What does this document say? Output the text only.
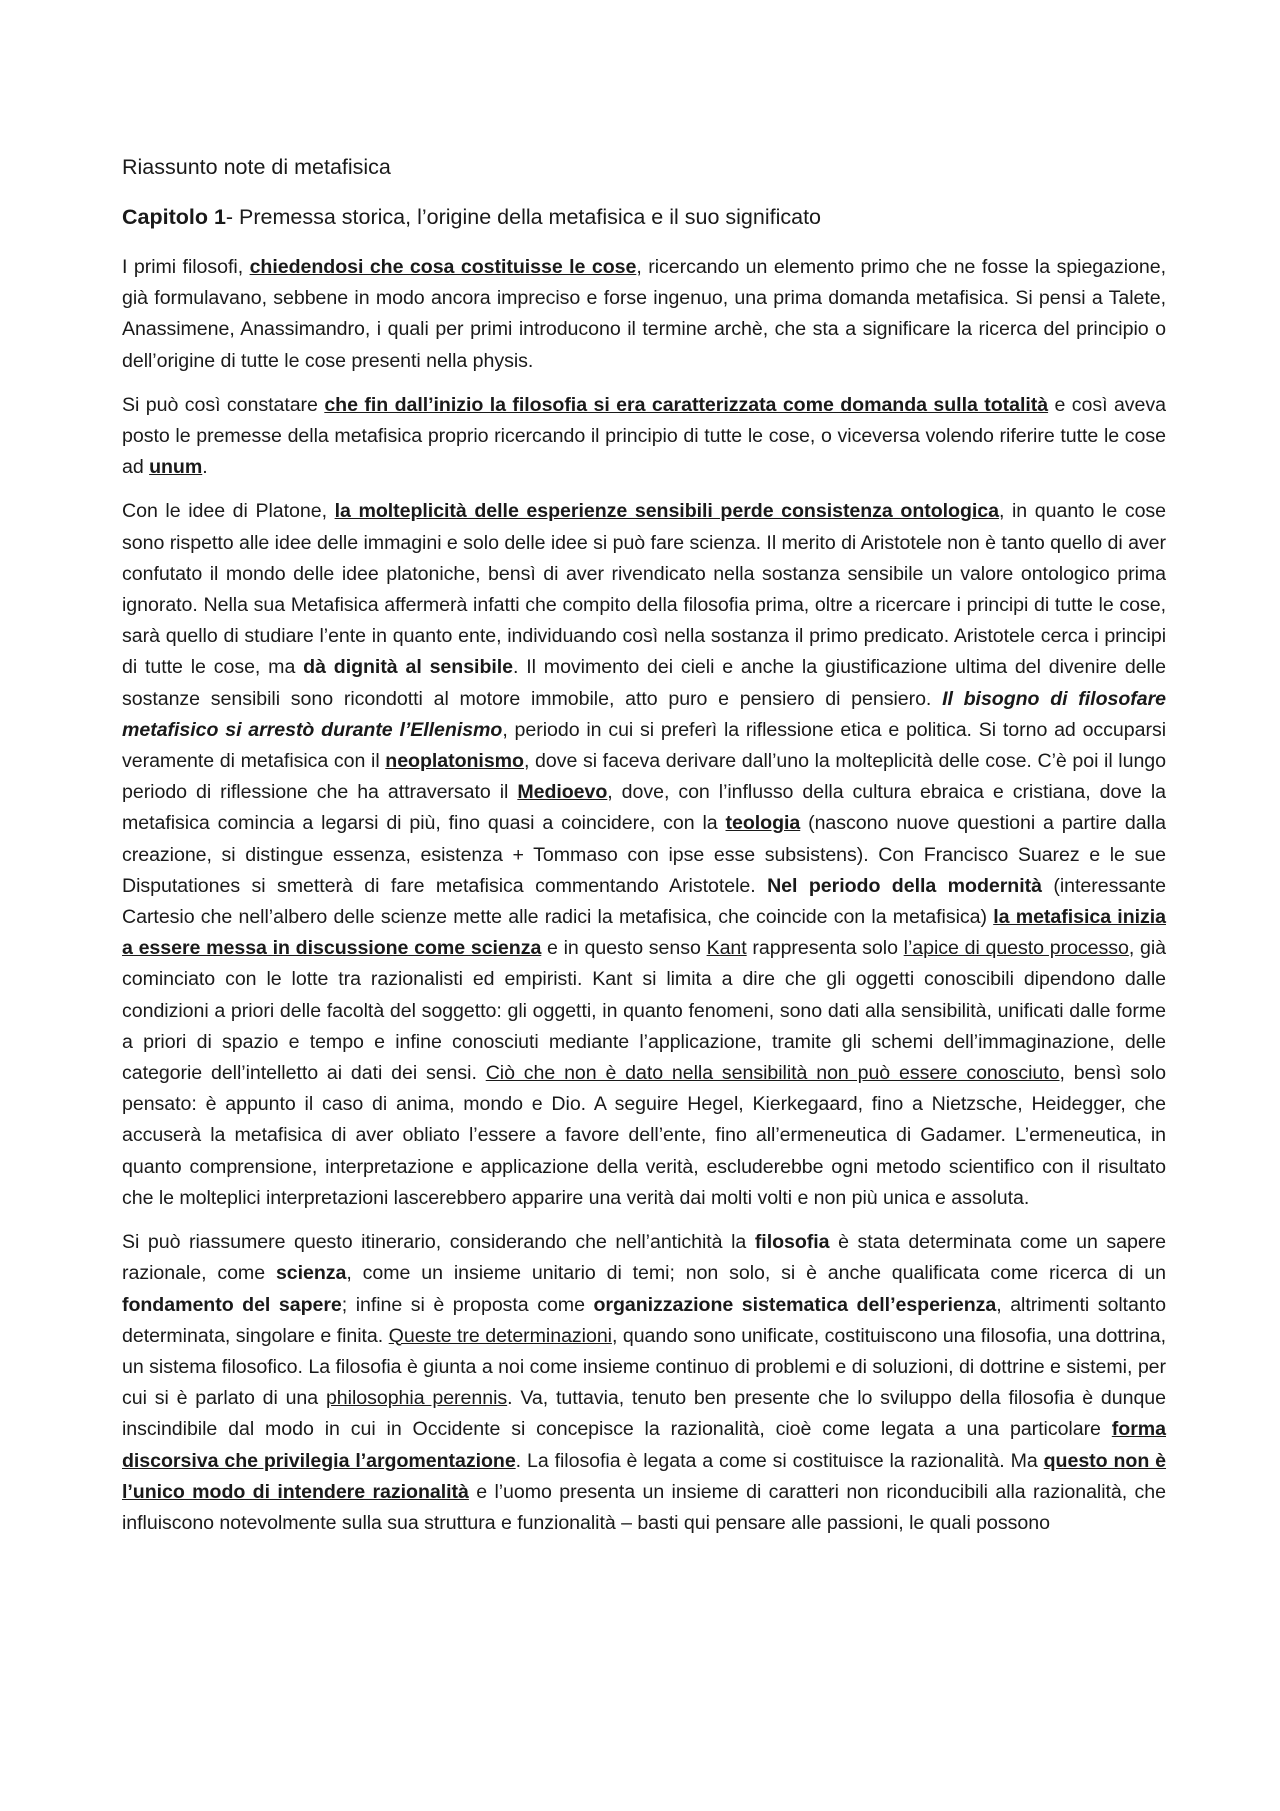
Riassunto note di metafisica
Capitolo 1- Premessa storica, l’origine della metafisica e il suo significato

I primi filosofi, chiedendosi che cosa costituisse le cose, ricercando un elemento primo che ne fosse la spiegazione, già formulavano, sebbene in modo ancora impreciso e forse ingenuo, una prima domanda metafisica. Si pensi a Talete, Anassimene, Anassimandro, i quali per primi introducono il termine archè, che sta a significare la ricerca del principio o dell’origine di tutte le cose presenti nella physis.

Si può così constatare che fin dall’inizio la filosofia si era caratterizzata come domanda sulla totalità e così aveva posto le premesse della metafisica proprio ricercando il principio di tutte le cose, o viceversa volendo riferire tutte le cose ad unum.

Con le idee di Platone, la molteplicità delle esperienze sensibili perde consistenza ontologica, in quanto le cose sono rispetto alle idee delle immagini e solo delle idee si può fare scienza. Il merito di Aristotele non è tanto quello di aver confutato il mondo delle idee platoniche, bensì di aver rivendicato nella sostanza sensibile un valore ontologico prima ignorato. Nella sua Metafisica affermerà infatti che compito della filosofia prima, oltre a ricercare i principi di tutte le cose, sarà quello di studiare l’ente in quanto ente, individuando così nella sostanza il primo predicato. Aristotele cerca i principi di tutte le cose, ma dà dignità al sensibile. Il movimento dei cieli e anche la giustificazione ultima del divenire delle sostanze sensibili sono ricondotti al motore immobile, atto puro e pensiero di pensiero. Il bisogno di filosofare metafisico si arrestò durante l’Ellenismo, periodo in cui si preferì la riflessione etica e politica. Si torno ad occuparsi veramente di metafisica con il neoplatonismo, dove si faceva derivare dall’uno la molteplicità delle cose. C’è poi il lungo periodo di riflessione che ha attraversato il Medioevo, dove, con l’influsso della cultura ebraica e cristiana, dove la metafisica comincia a legarsi di più, fino quasi a coincidere, con la teologia (nascono nuove questioni a partire dalla creazione, si distingue essenza, esistenza + Tommaso con ipse esse subsistens). Con Francisco Suarez e le sue Disputationes si smetterà di fare metafisica commentando Aristotele. Nel periodo della modernità (interessante Cartesio che nell’albero delle scienze mette alle radici la metafisica, che coincide con la metafisica) la metafisica inizia a essere messa in discussione come scienza e in questo senso Kant rappresenta solo l’apice di questo processo, già cominciato con le lotte tra razionalisti ed empiristi. Kant si limita a dire che gli oggetti conoscibili dipendono dalle condizioni a priori delle facoltà del soggetto: gli oggetti, in quanto fenomeni, sono dati alla sensibilità, unificati dalle forme a priori di spazio e tempo e infine conosciuti mediante l’applicazione, tramite gli schemi dell’immaginazione, delle categorie dell’intelletto ai dati dei sensi. Ciò che non è dato nella sensibilità non può essere conosciuto, bensì solo pensato: è appunto il caso di anima, mondo e Dio. A seguire Hegel, Kierkegaard, fino a Nietzsche, Heidegger, che accuserà la metafisica di aver obliato l’essere a favore dell’ente, fino all’ermeneutica di Gadamer. L’ermeneutica, in quanto comprensione, interpretazione e applicazione della verità, escluderebbe ogni metodo scientifico con il risultato che le molteplici interpretazioni lascerebbero apparire una verità dai molti volti e non più unica e assoluta.

Si può riassumere questo itinerario, considerando che nell’antichità la filosofia è stata determinata come un sapere razionale, come scienza, come un insieme unitario di temi; non solo, si è anche qualificata come ricerca di un fondamento del sapere; infine si è proposta come organizzazione sistematica dell’esperienza, altrimenti soltanto determinata, singolare e finita. Queste tre determinazioni, quando sono unificate, costituiscono una filosofia, una dottrina, un sistema filosofico. La filosofia è giunta a noi come insieme continuo di problemi e di soluzioni, di dottrine e sistemi, per cui si è parlato di una philosophia perennis. Va, tuttavia, tenuto ben presente che lo sviluppo della filosofia è dunque inscindibile dal modo in cui in Occidente si concepisce la razionalità, cioè come legata a una particolare forma discorsiva che privilegia l’argomentazione. La filosofia è legata a come si costituisce la razionalità. Ma questo non è l’unico modo di intendere razionalità e l’uomo presenta un insieme di caratteri non riconducibili alla razionalità, che influiscono notevolmente sulla sua struttura e funzionalità – basti qui pensare alle passioni, le quali possono
